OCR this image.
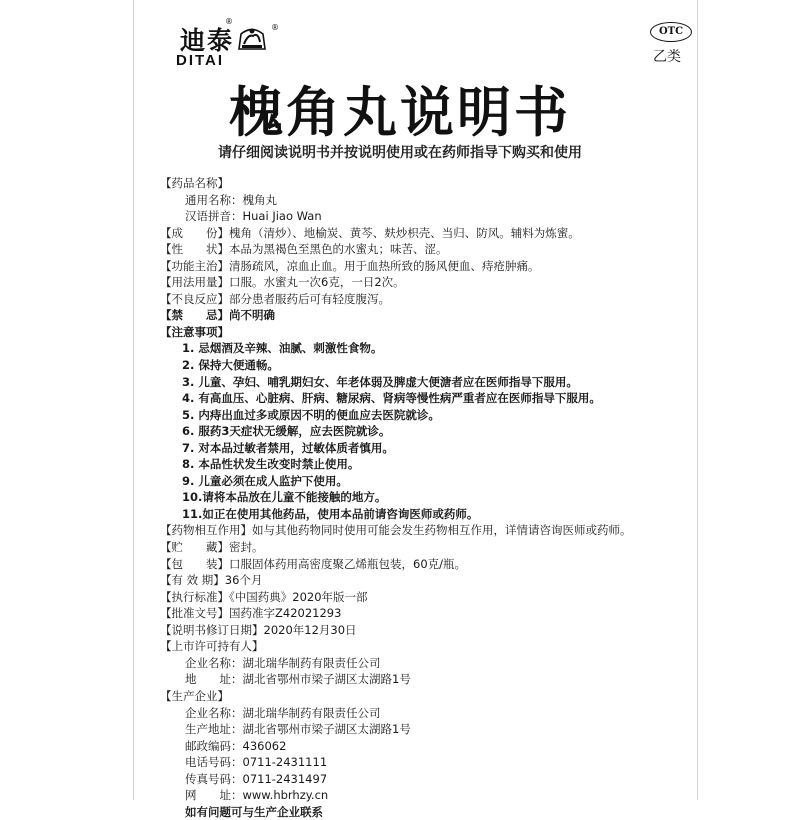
迪泰
®
DITAI
®	OTC
乙类
槐角丸说明书
请仔细阅读说明书并按说明使用或在药师指导下购买和使用
【药品名称】
通用名称：槐角丸
汉语拼音：Huai Jiao Wan
【成　　份】槐角（清炒）、地榆炭、黄芩、麸炒枳壳、当归、防风。辅料为炼蜜。
【性　　状】本品为黑褐色至黑色的水蜜丸；味苦、涩。
【功能主治】清肠疏风，凉血止血。用于血热所致的肠风便血、痔疮肿痛。
【用法用量】口服。水蜜丸一次6克，一日2次。
【不良反应】部分患者服药后可有轻度腹泻。
【禁　　忌】尚不明确
【注意事项】
1. 忌烟酒及辛辣、油腻、刺激性食物。
2. 保持大便通畅。
3. 儿童、孕妇、哺乳期妇女、年老体弱及脾虚大便溏者应在医师指导下服用。
4. 有高血压、心脏病、肝病、糖尿病、肾病等慢性病严重者应在医师指导下服用。
5. 内痔出血过多或原因不明的便血应去医院就诊。
6. 服药3天症状无缓解，应去医院就诊。
7. 对本品过敏者禁用，过敏体质者慎用。
8. 本品性状发生改变时禁止使用。
9. 儿童必须在成人监护下使用。
10.请将本品放在儿童不能接触的地方。
11.如正在使用其他药品，使用本品前请咨询医师或药师。
【药物相互作用】如与其他药物同时使用可能会发生药物相互作用，详情请咨询医师或药师。
【贮　　藏】密封。
【包　　装】口服固体药用高密度聚乙烯瓶包装，60克/瓶。
【有 效 期】36个月
【执行标准】《中国药典》2020年版一部
【批准文号】国药准字Z42021293
【说明书修订日期】2020年12月30日
【上市许可持有人】
企业名称：湖北瑞华制药有限责任公司
地　　址：湖北省鄂州市梁子湖区太湖路1号
【生产企业】
企业名称：湖北瑞华制药有限责任公司
生产地址：湖北省鄂州市梁子湖区太湖路1号
邮政编码：436062
电话号码：0711-2431111
传真号码：0711-2431497
网　　址：www.hbrhzy.cn
如有问题可与生产企业联系
